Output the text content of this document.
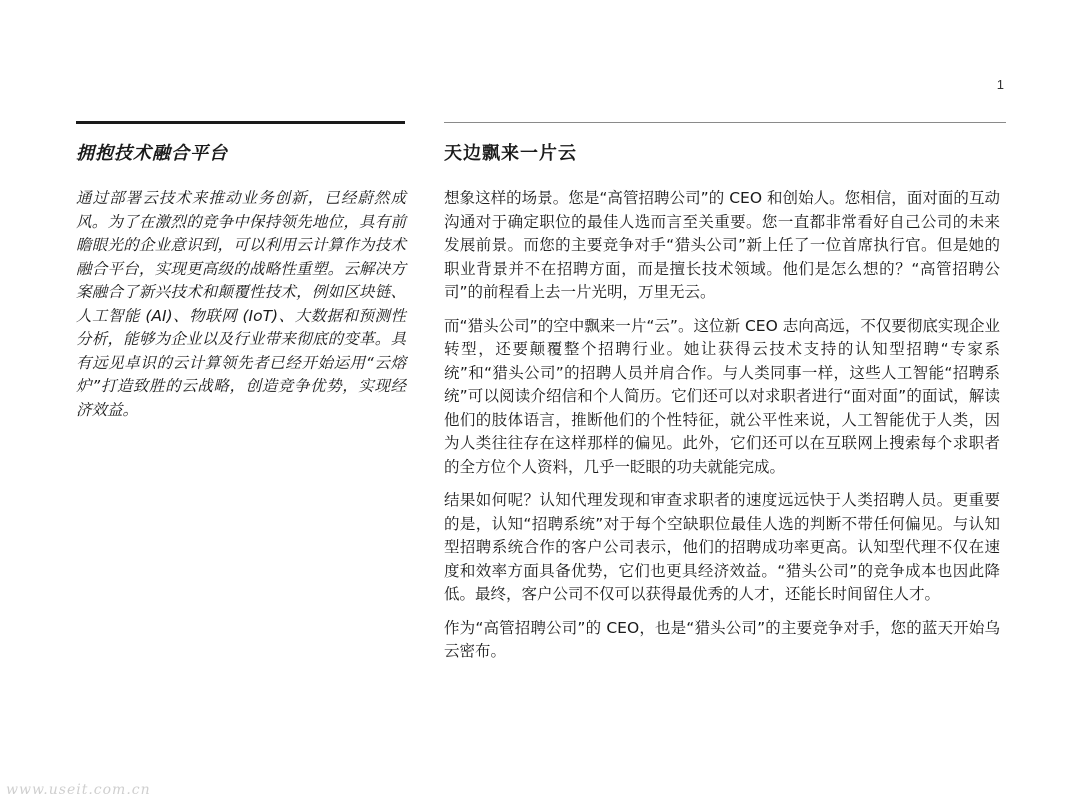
1
拥抱技术融合平台

通过部署云技术来推动业务创新，已经蔚然成风。为了在激烈的竞争中保持领先地位，具有前瞻眼光的企业意识到，可以利用云计算作为技术融合平台，实现更高级的战略性重塑。云解决方案融合了新兴技术和颠覆性技术，例如区块链、人工智能 (AI)、物联网 (IoT)、大数据和预测性分析，能够为企业以及行业带来彻底的变革。具有远见卓识的云计算领先者已经开始运用“云熔炉”打造致胜的云战略，创造竞争优势，实现经济效益。

天边飘来一片云

想象这样的场景。您是“高管招聘公司”的 CEO 和创始人。您相信，面对面的互动沟通对于确定职位的最佳人选而言至关重要。您一直都非常看好自己公司的未来发展前景。而您的主要竞争对手“猎头公司”新上任了一位首席执行官。但是她的职业背景并不在招聘方面，而是擅长技术领域。他们是怎么想的？“高管招聘公司”的前程看上去一片光明，万里无云。

而“猎头公司”的空中飘来一片“云”。这位新 CEO 志向高远，不仅要彻底实现企业转型，还要颠覆整个招聘行业。她让获得云技术支持的认知型招聘“专家系统”和“猎头公司”的招聘人员并肩合作。与人类同事一样，这些人工智能“招聘系统”可以阅读介绍信和个人简历。它们还可以对求职者进行“面对面”的面试，解读他们的肢体语言，推断他们的个性特征，就公平性来说，人工智能优于人类，因为人类往往存在这样那样的偏见。此外，它们还可以在互联网上搜索每个求职者的全方位个人资料，几乎一眨眼的功夫就能完成。

结果如何呢？认知代理发现和审查求职者的速度远远快于人类招聘人员。更重要的是，认知“招聘系统”对于每个空缺职位最佳人选的判断不带任何偏见。与认知型招聘系统合作的客户公司表示，他们的招聘成功率更高。认知型代理不仅在速度和效率方面具备优势，它们也更具经济效益。“猎头公司”的竞争成本也因此降低。最终，客户公司不仅可以获得最优秀的人才，还能长时间留住人才。

作为“高管招聘公司”的 CEO，也是“猎头公司”的主要竞争对手，您的蓝天开始乌云密布。

www.useit.com.cn
